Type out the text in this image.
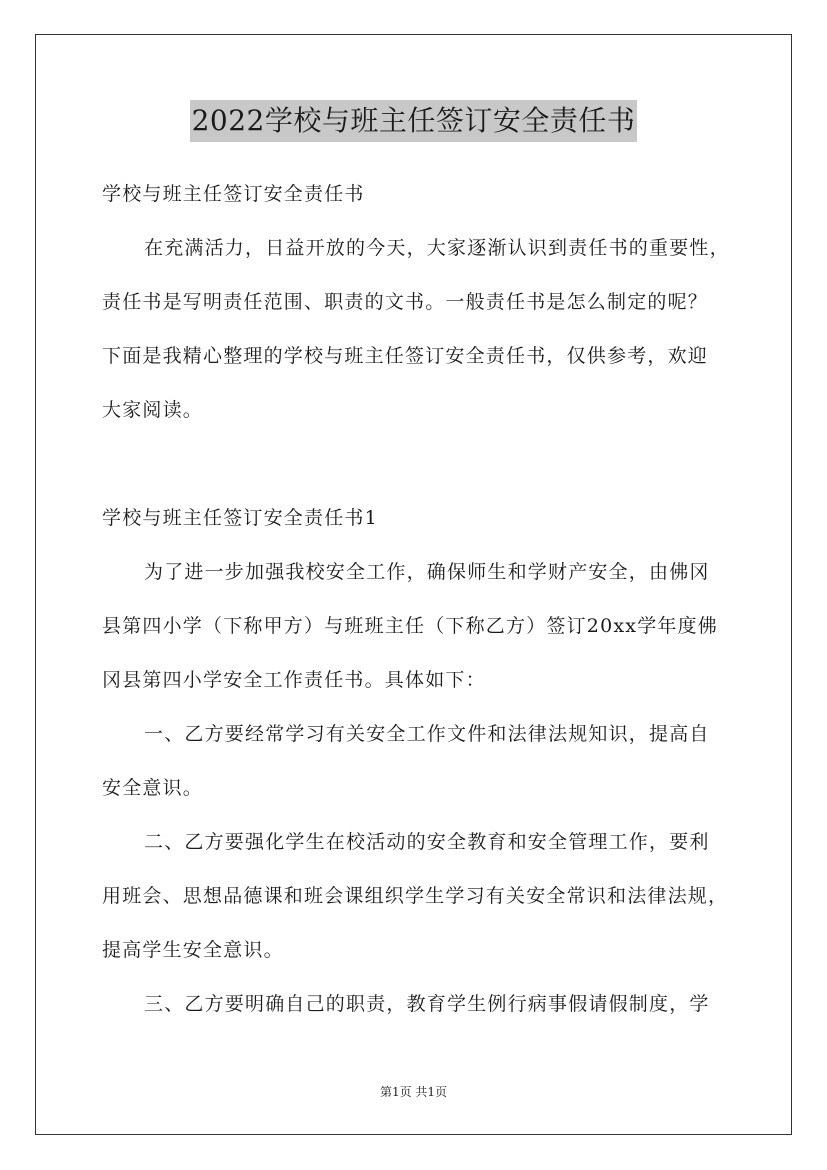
2022学校与班主任签订安全责任书
学校与班主任签订安全责任书
在充满活力，日益开放的今天，大家逐渐认识到责任书的重要性，
责任书是写明责任范围、职责的文书。一般责任书是怎么制定的呢？
下面是我精心整理的学校与班主任签订安全责任书，仅供参考，欢迎
大家阅读。
学校与班主任签订安全责任书1
为了进一步加强我校安全工作，确保师生和学财产安全，由佛冈
县第四小学（下称甲方）与班班主任（下称乙方）签订20xx学年度佛
冈县第四小学安全工作责任书。具体如下：
一、乙方要经常学习有关安全工作文件和法律法规知识，提高自
安全意识。
二、乙方要强化学生在校活动的安全教育和安全管理工作，要利
用班会、思想品德课和班会课组织学生学习有关安全常识和法律法规，
提高学生安全意识。
三、乙方要明确自己的职责，教育学生例行病事假请假制度，学
第1页 共1页
